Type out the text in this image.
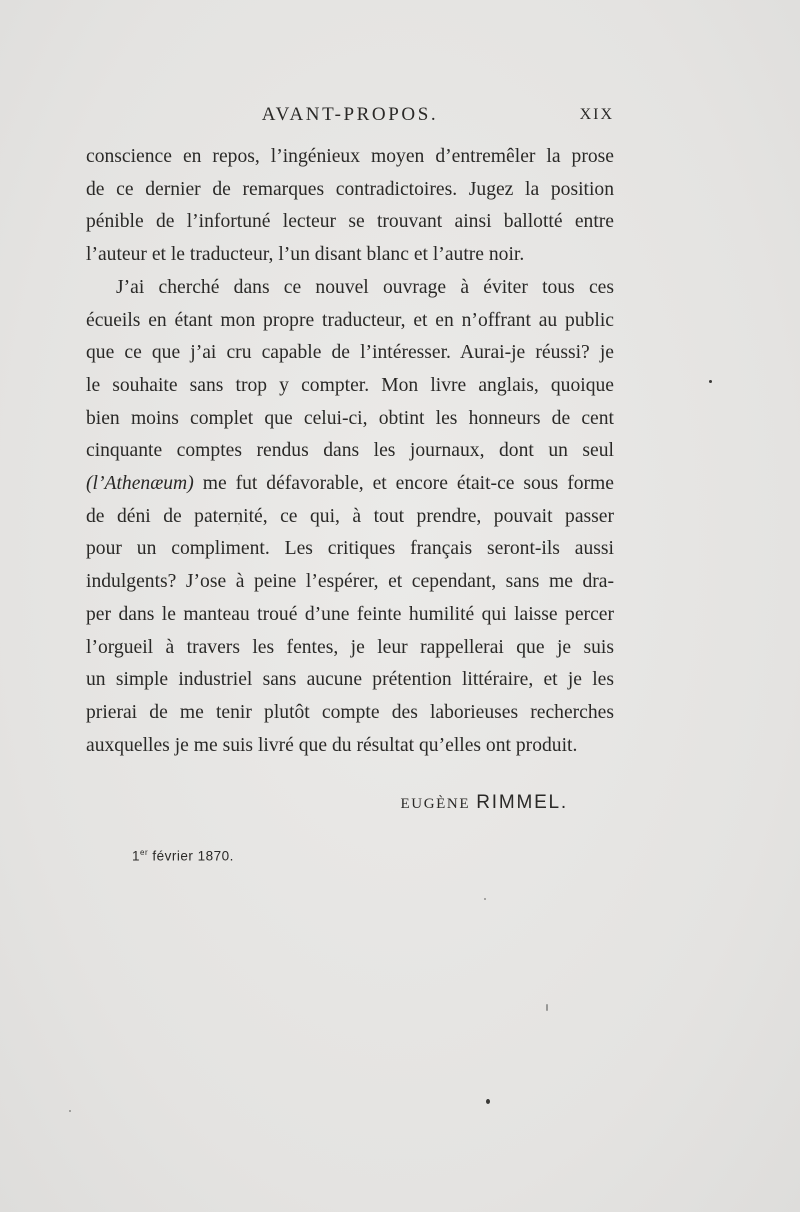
AVANT-PROPOS.	XIX
conscience en repos, l’ingénieux moyen d’entremêler la prose
de ce dernier de remarques contradictoires. Jugez la position
pénible de l’infortuné lecteur se trouvant ainsi ballotté entre
l’auteur et le traducteur, l’un disant blanc et l’autre noir.
J’ai cherché dans ce nouvel ouvrage à éviter tous ces
écueils en étant mon propre traducteur, et en n’offrant au public
que ce que j’ai cru capable de l’intéresser. Aurai-je réussi? je
le souhaite sans trop y compter. Mon livre anglais, quoique
bien moins complet que celui-ci, obtint les honneurs de cent
cinquante comptes rendus dans les journaux, dont un seul
(l’Athenæum) me fut défavorable, et encore était-ce sous forme
de déni de paternité, ce qui, à tout prendre, pouvait passer
pour un compliment. Les critiques français seront-ils aussi
indulgents? J’ose à peine l’espérer, et cependant, sans me dra-
per dans le manteau troué d’une feinte humilité qui laisse percer
l’orgueil à travers les fentes, je leur rappellerai que je suis
un simple industriel sans aucune prétention littéraire, et je les
prierai de me tenir plutôt compte des laborieuses recherches
auxquelles je me suis livré que du résultat qu’elles ont produit.
EUGÈNE RIMMEL.
1er février 1870.
